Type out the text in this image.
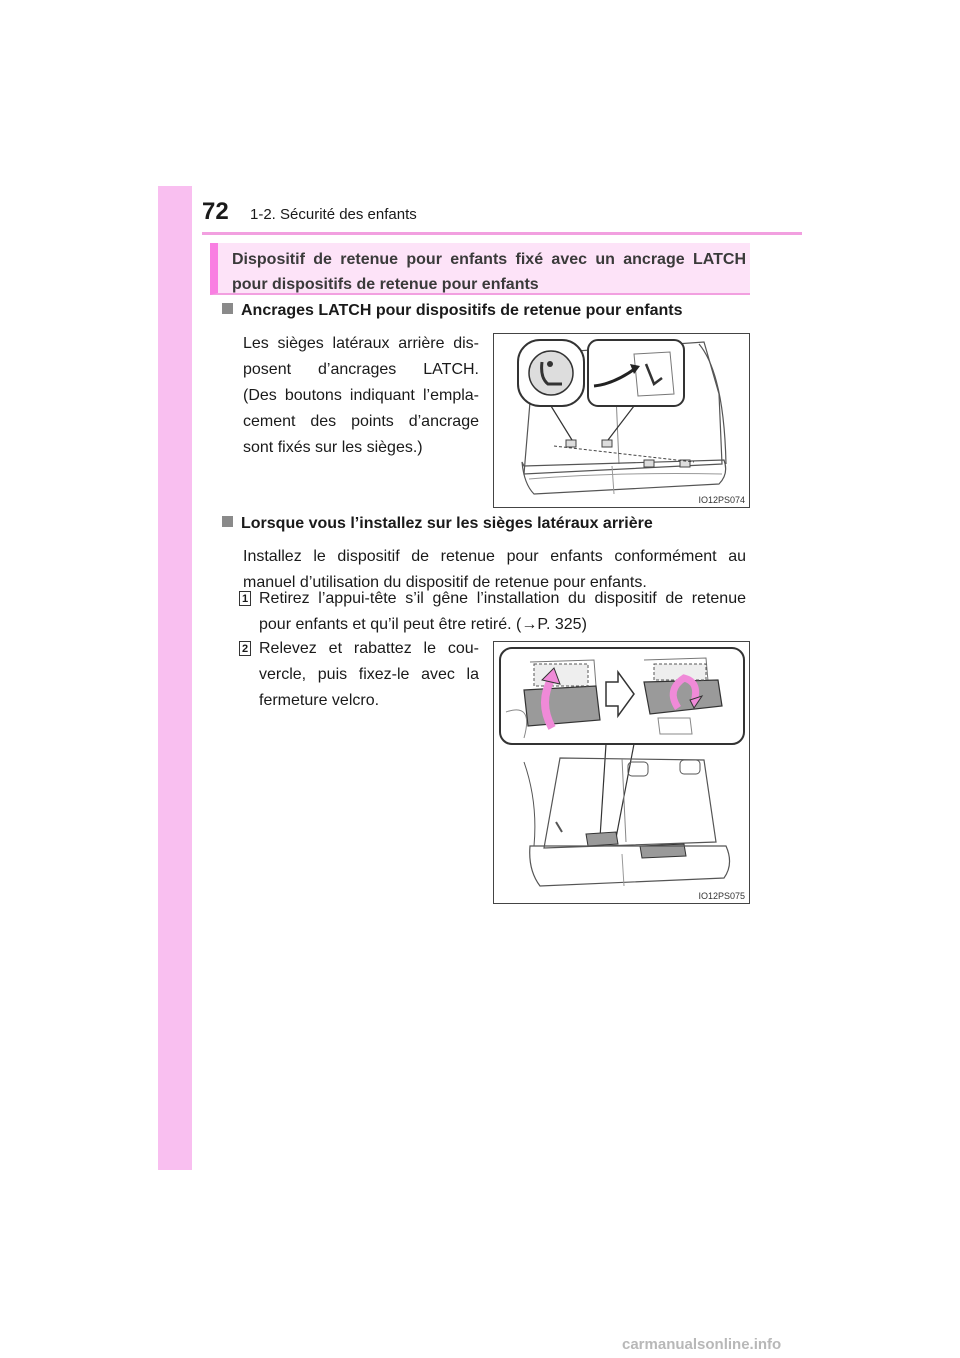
72 1-2. Sécurité des enfants
Dispositif de retenue pour enfants fixé avec un ancrage LATCH
pour dispositifs de retenue pour enfants
Ancrages LATCH pour dispositifs de retenue pour enfants
Les sièges latéraux arrière dis-
posent d’ancrages LATCH.
(Des boutons indiquant l’empla-
cement des points d’ancrage
sont fixés sur les sièges.)
IO12PS074
Lorsque vous l’installez sur les sièges latéraux arrière
Installez le dispositif de retenue pour enfants conformément au
manuel d’utilisation du dispositif de retenue pour enfants.
1 Retirez l’appui-tête s’il gêne l’installation du dispositif de retenue
pour enfants et qu’il peut être retiré. (→P. 325)
2 Relevez et rabattez le cou-
vercle, puis fixez-le avec la
fermeture velcro.
IO12PS075
carmanualsonline.info
